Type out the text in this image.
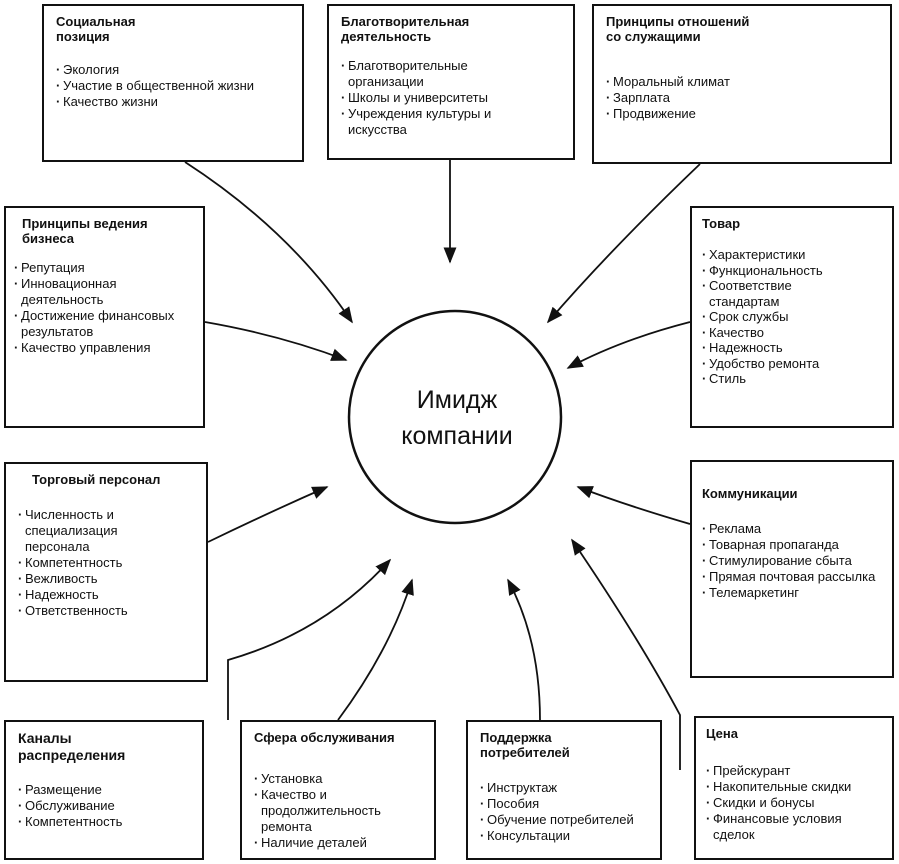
Имидж
компании
Социальная
позиция
· Экология
· Участие в общественной жизни
· Качество жизни
Благотворительная
деятельность
· Благотворительные организации
· Школы и университеты
· Учреждения культуры и искусства
Принципы отношений
со служащими
· Моральный климат
· Зарплата
· Продвижение
Принципы ведения
бизнеса
· Репутация
· Инновационная деятельность
· Достижение финансовых результатов
· Качество управления
Товар
· Характеристики
· Функциональность
· Соответствие стандартам
· Срок службы
· Качество
· Надежность
· Удобство ремонта
· Стиль
Торговый персонал
· Численность и специализация персонала
· Компетентность
· Вежливость
· Надежность
· Ответственность
Коммуникации
· Реклама
· Товарная пропаганда
· Стимулирование сбыта
· Прямая почтовая рассылка
· Телемаркетинг
Каналы
распределения
· Размещение
· Обслуживание
· Компетентность
Сфера обслуживания
· Установка
· Качество и продолжительность ремонта
· Наличие деталей
Поддержка
потребителей
· Инструктаж
· Пособия
· Обучение потребителей
· Консультации
Цена
· Прейскурант
· Накопительные скидки
· Скидки и бонусы
· Финансовые условия сделок
